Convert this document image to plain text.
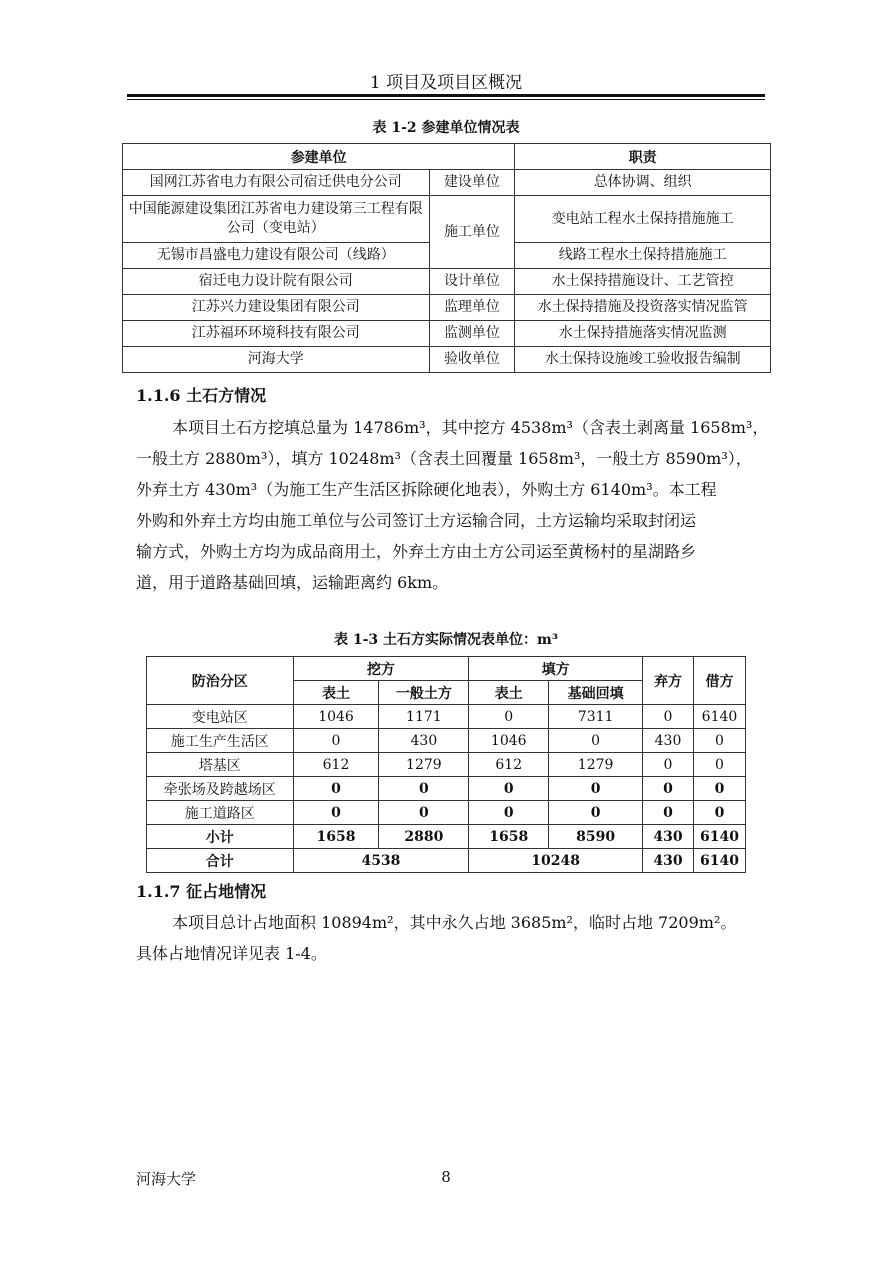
1 项目及项目区概况
表 1-2 参建单位情况表
参建单位		职责
国网江苏省电力有限公司宿迁供电分公司	建设单位	总体协调、组织
中国能源建设集团江苏省电力建设第三工程有限公司（变电站）	施工单位	变电站工程水土保持措施施工
无锡市昌盛电力建设有限公司（线路）		线路工程水土保持措施施工
宿迁电力设计院有限公司	设计单位	水土保持措施设计、工艺管控
江苏兴力建设集团有限公司	监理单位	水土保持措施及投资落实情况监管
江苏福环环境科技有限公司	监测单位	水土保持措施落实情况监测
河海大学	验收单位	水土保持设施竣工验收报告编制
1.1.6 土石方情况
本项目土石方挖填总量为 14786m³，其中挖方 4538m³（含表土剥离量 1658m³，
一般土方 2880m³），填方 10248m³（含表土回覆量 1658m³，一般土方 8590m³），
外弃土方 430m³（为施工生产生活区拆除硬化地表），外购土方 6140m³。本工程
外购和外弃土方均由施工单位与公司签订土方运输合同，土方运输均采取封闭运
输方式，外购土方均为成品商用土，外弃土方由土方公司运至黄杨村的星湖路乡
道，用于道路基础回填，运输距离约 6km。
表 1-3 土石方实际情况表单位：m³
防治分区	挖方		填方		弃方	借方
	表土	一般土方	表土	基础回填		
变电站区	1046	1171	0	7311	0	6140
施工生产生活区	0	430	1046	0	430	0
塔基区	612	1279	612	1279	0	0
牵张场及跨越场区	0	0	0	0	0	0
施工道路区	0	0	0	0	0	0
小计	1658	2880	1658	8590	430	6140
合计	4538		10248		430	6140
1.1.7 征占地情况
本项目总计占地面积 10894m²，其中永久占地 3685m²，临时占地 7209m²。
具体占地情况详见表 1-4。
河海大学	8
